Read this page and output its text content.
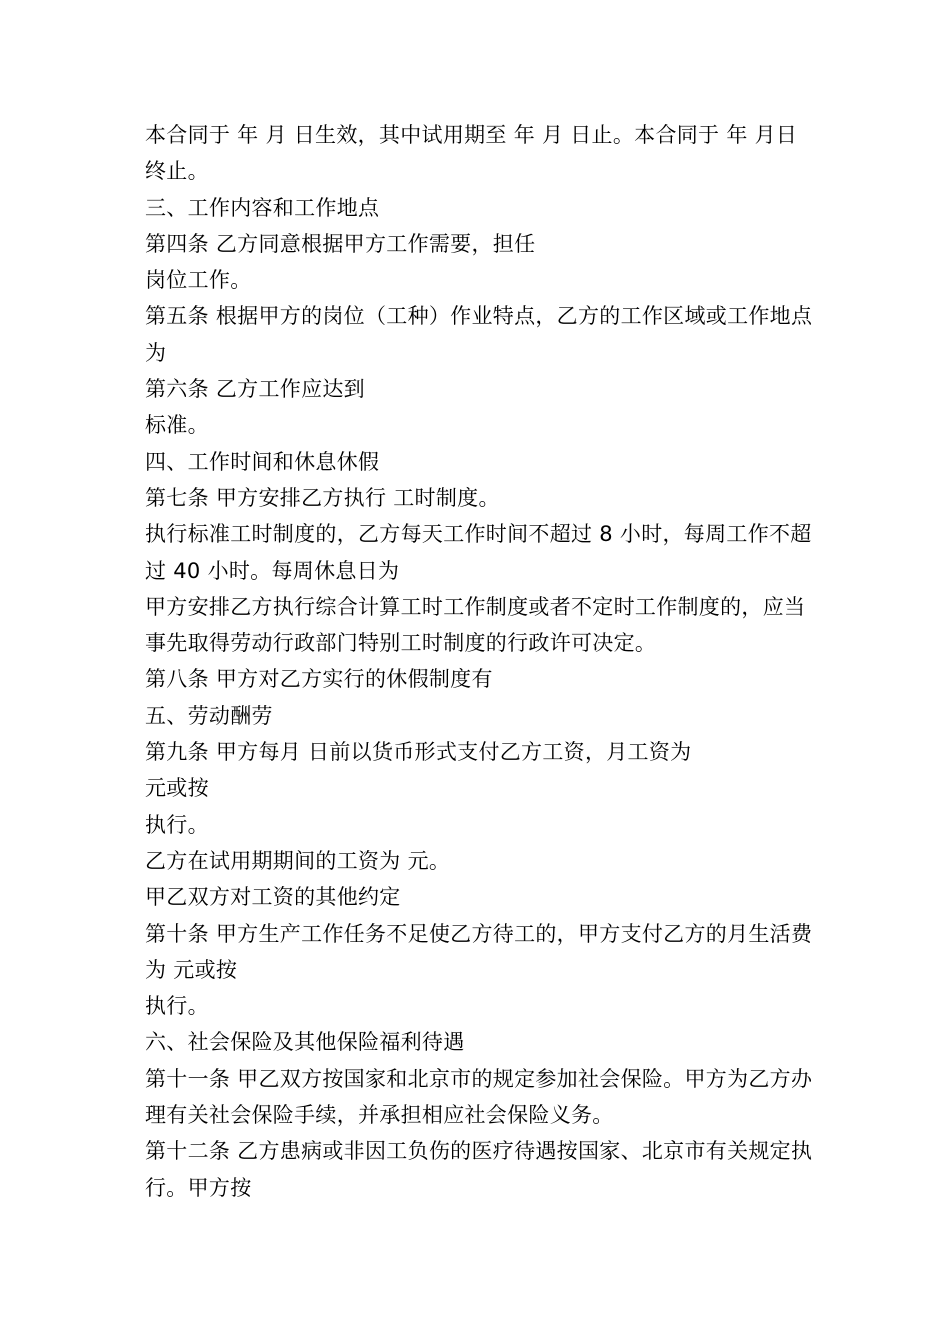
本合同于 年 月 日生效，其中试用期至 年 月 日止。本合同于 年 月日终止。

三、工作内容和工作地点

第四条 乙方同意根据甲方工作需要，担任

岗位工作。

第五条 根据甲方的岗位（工种）作业特点，乙方的工作区域或工作地点为

第六条 乙方工作应达到

标准。

四、工作时间和休息休假

第七条 甲方安排乙方执行 工时制度。

执行标准工时制度的，乙方每天工作时间不超过 8 小时，每周工作不超过 40 小时。每周休息日为

甲方安排乙方执行综合计算工时工作制度或者不定时工作制度的，应当事先取得劳动行政部门特别工时制度的行政许可决定。

第八条 甲方对乙方实行的休假制度有

五、劳动酬劳

第九条 甲方每月 日前以货币形式支付乙方工资，月工资为

元或按

执行。

乙方在试用期期间的工资为 元。

甲乙双方对工资的其他约定

第十条 甲方生产工作任务不足使乙方待工的，甲方支付乙方的月生活费为 元或按

执行。

六、社会保险及其他保险福利待遇

第十一条 甲乙双方按国家和北京市的规定参加社会保险。甲方为乙方办理有关社会保险手续，并承担相应社会保险义务。

第十二条 乙方患病或非因工负伤的医疗待遇按国家、北京市有关规定执行。甲方按
